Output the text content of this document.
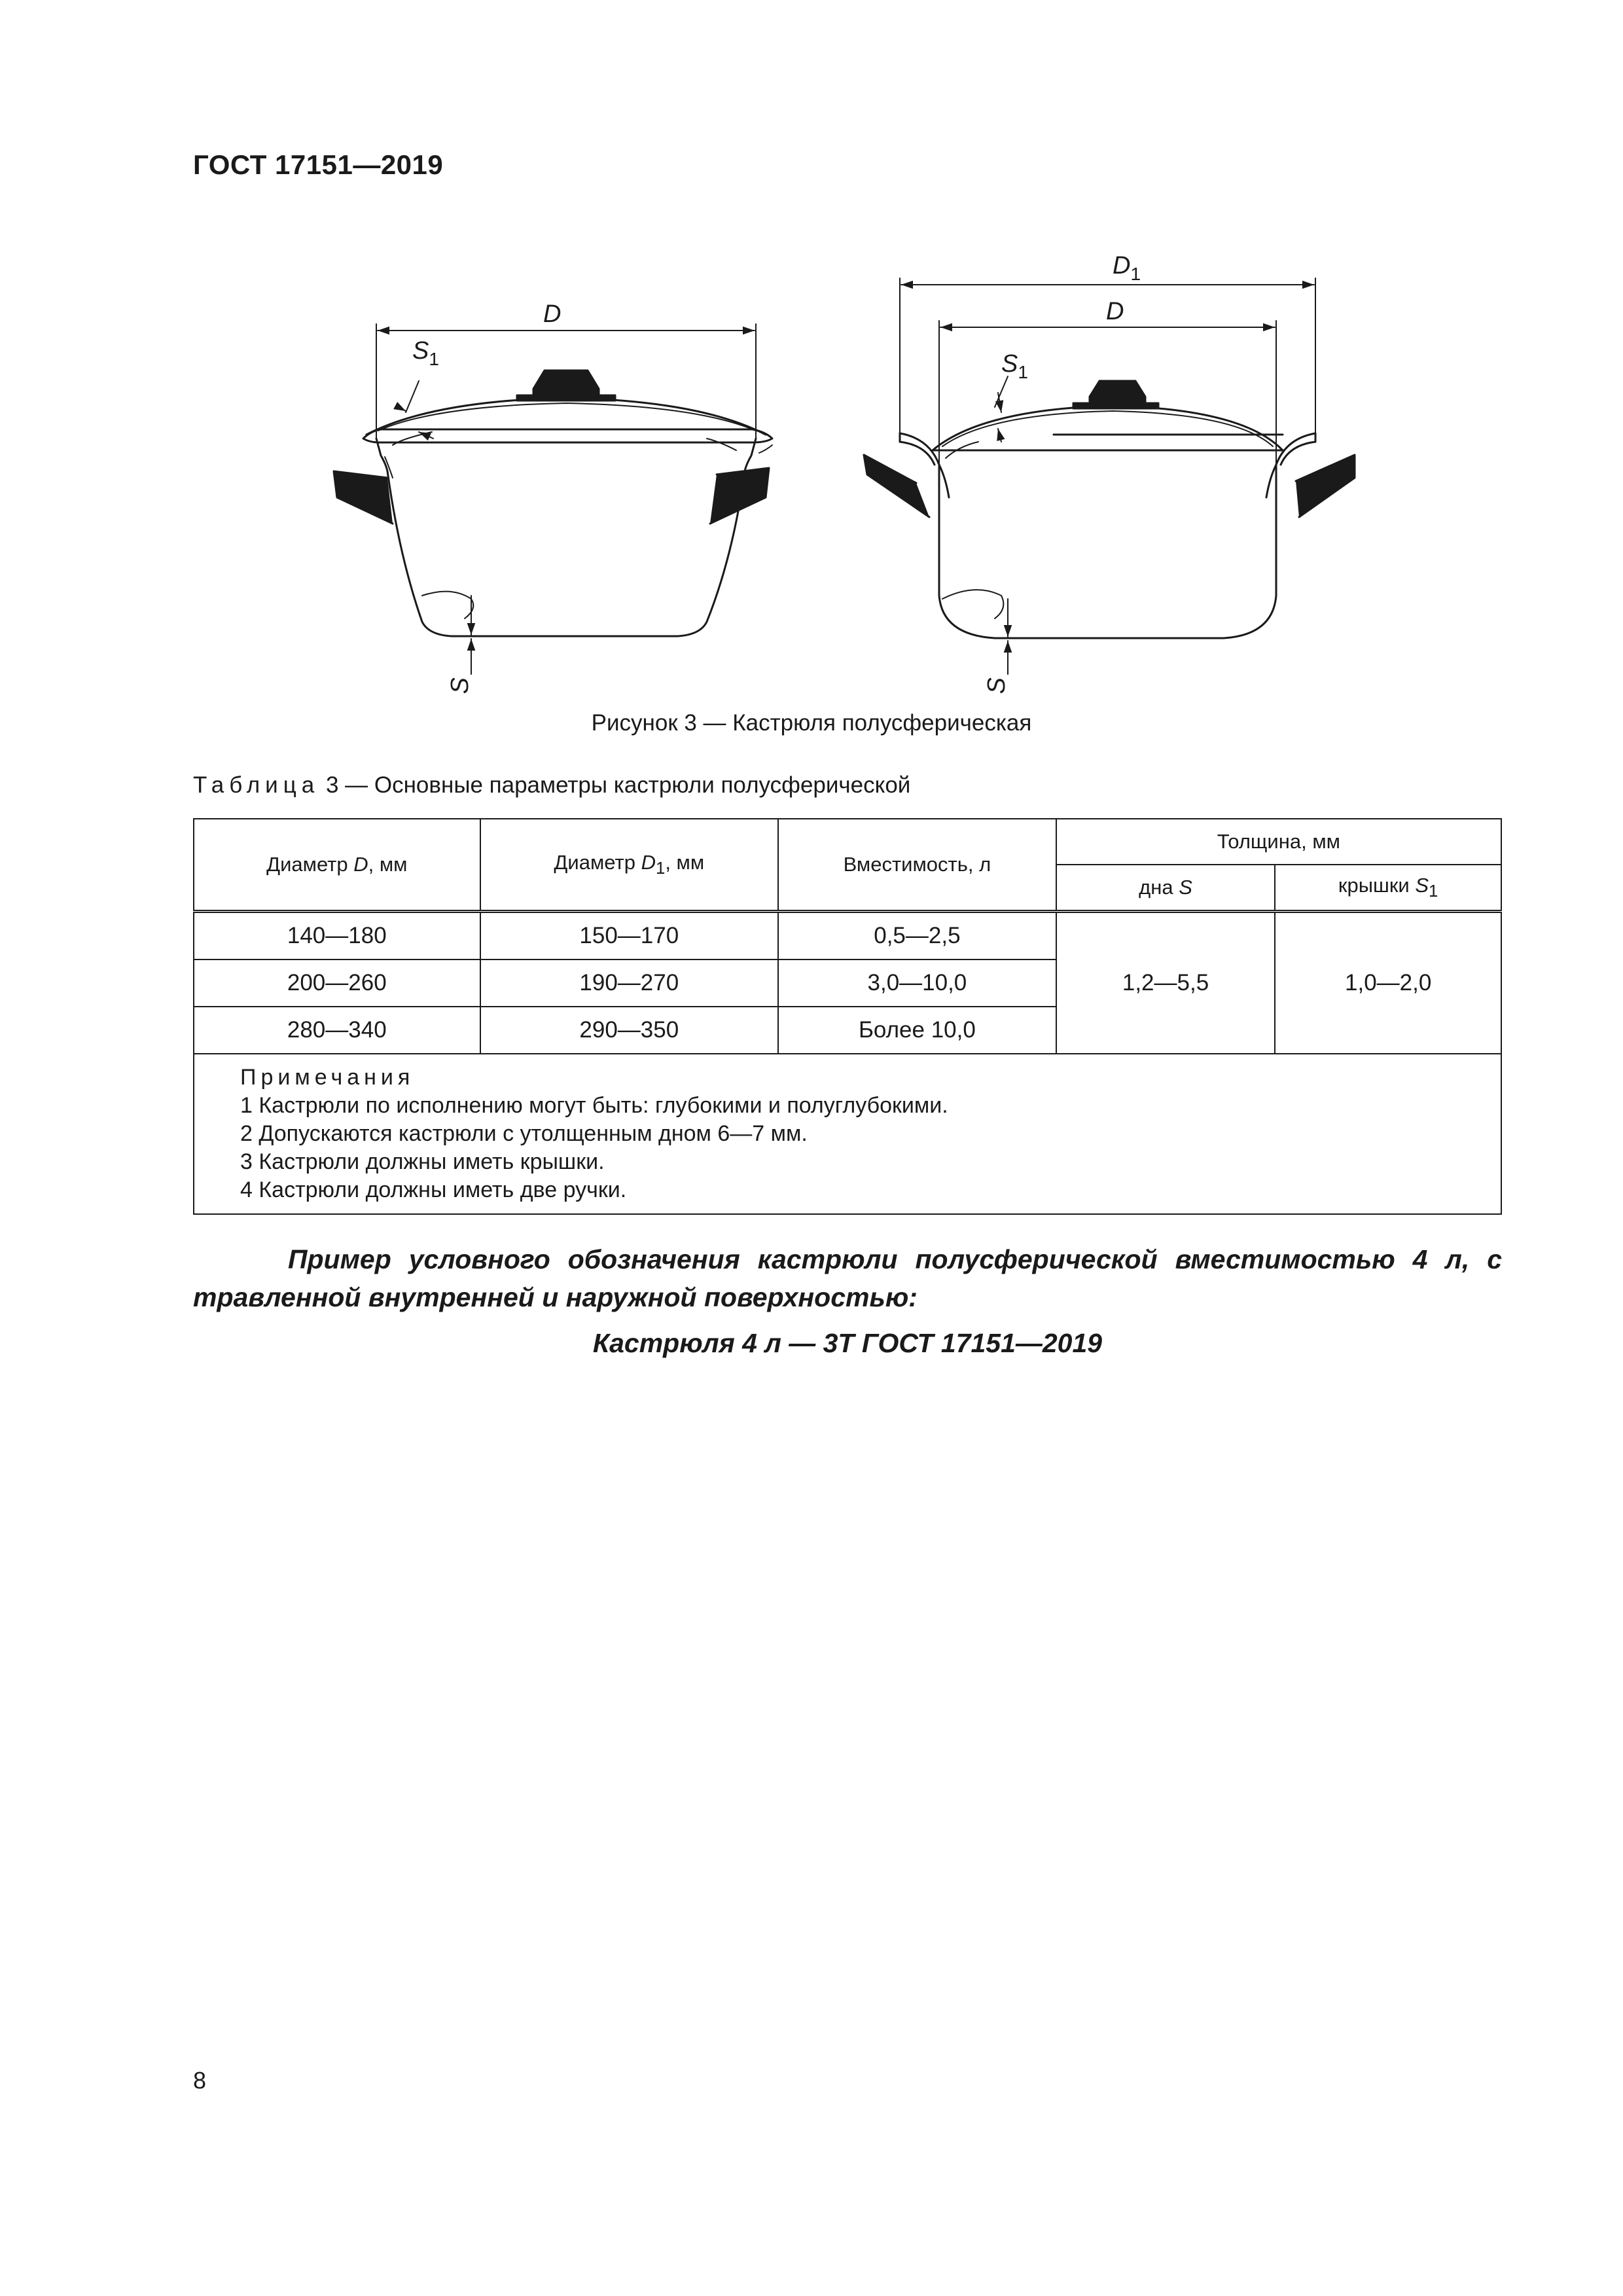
ГОСТ 17151—2019
D
$S_1$
S
$D_1$
D
$S_1$
S
Рисунок 3 — Кастрюля полусферическая
Таблица 3 — Основные параметры кастрюли полусферической
Диаметр D, мм	Диаметр $D_1$, мм	Вместимость, л	Толщина, мм	
			дна S	крышки $S_1$
140—180	150—170	0,5—2,5	1,2—5,5	1,0—2,0
200—260	190—270	3,0—10,0		
280—340	290—350	Более 10,0		

Примечания
1 Кастрюли по исполнению могут быть: глубокими и полуглубокими.
2 Допускаются кастрюли с утолщенным дном 6—7 мм.
3 Кастрюли должны иметь крышки.
4 Кастрюли должны иметь две ручки.				

Пример условного обозначения кастрюли полусферической вместимостью 4 л, с травленной внутренней и наружной поверхностью:

Кастрюля 4 л — 3Т ГОСТ 17151—2019

8
